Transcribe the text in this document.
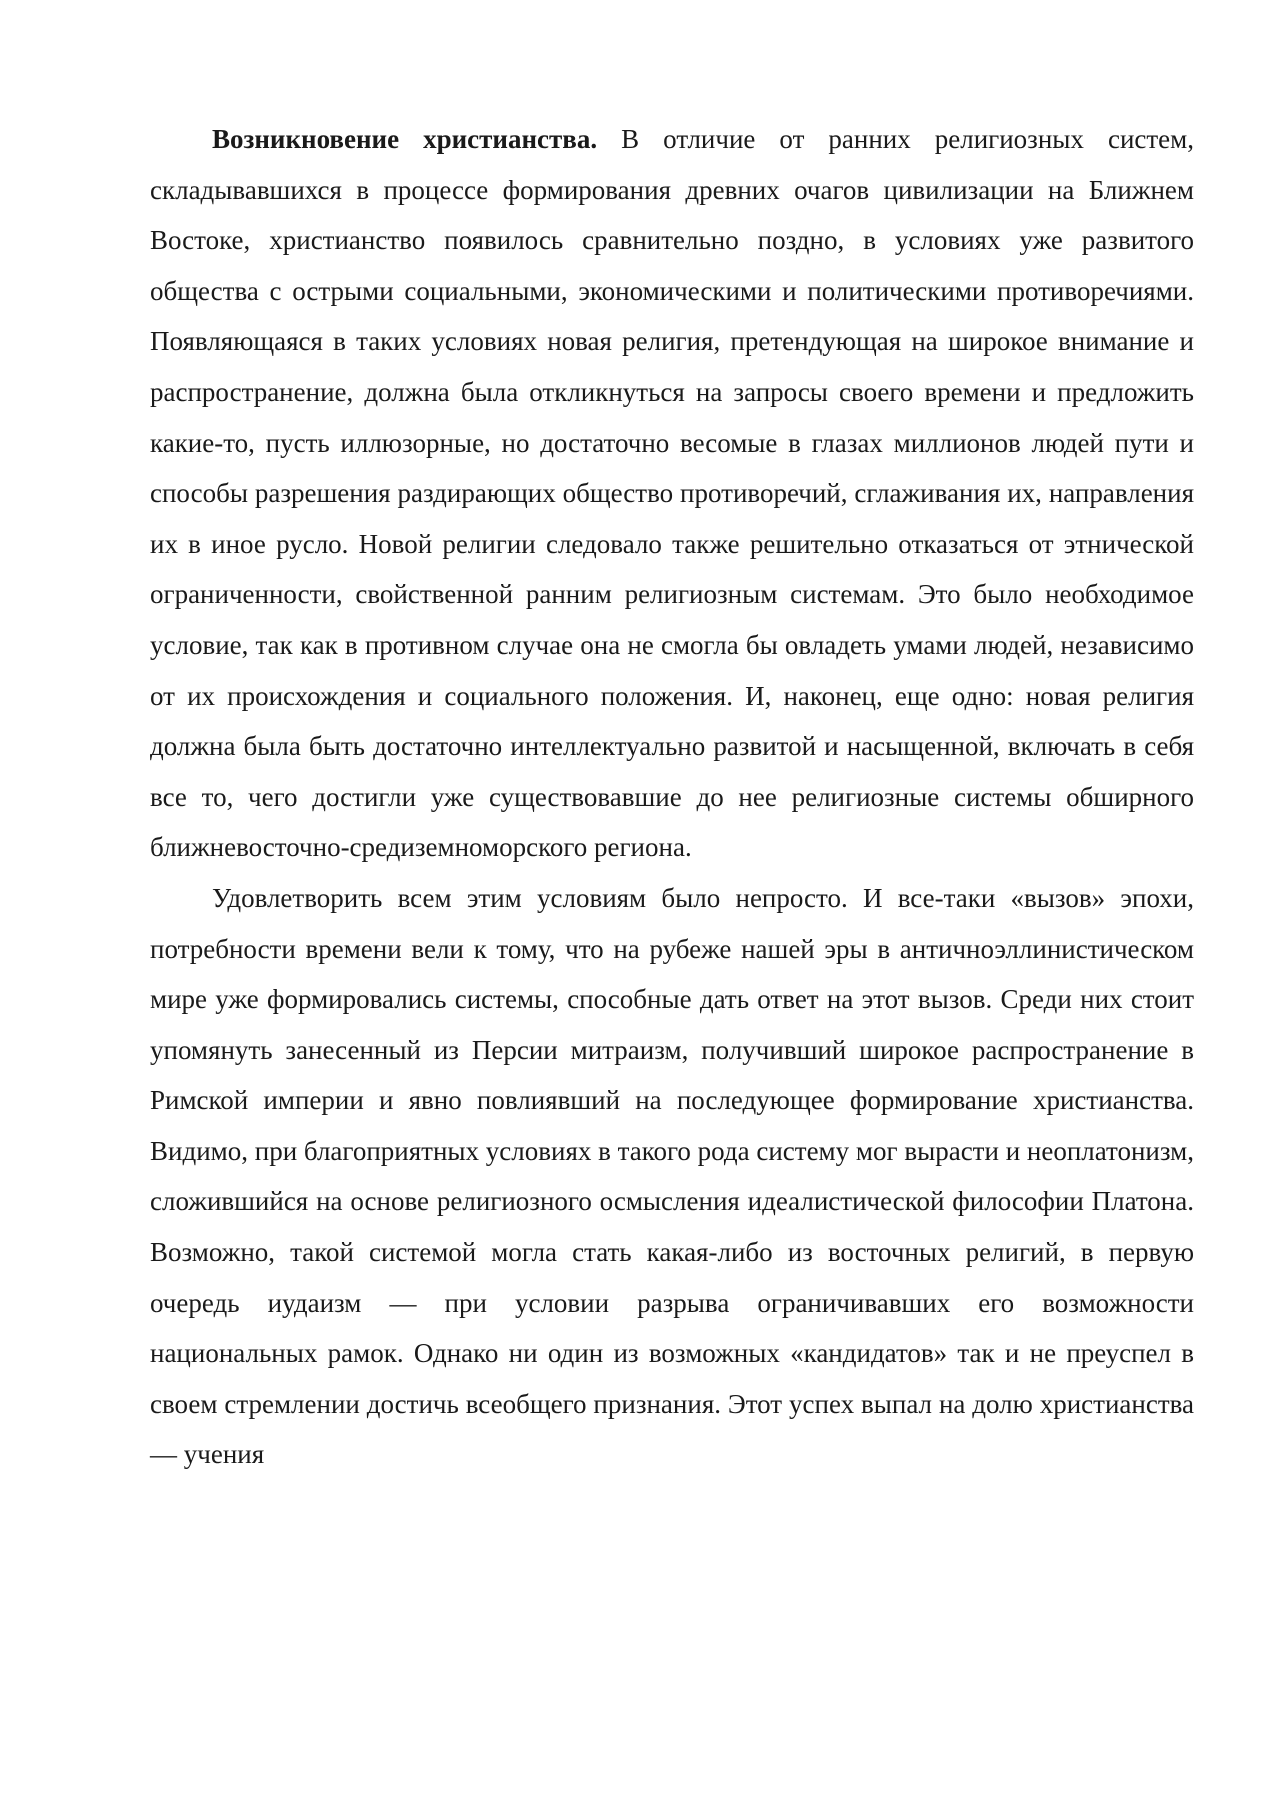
Возникновение христианства. В отличие от ранних религиозных систем, складывавшихся в процессе формирования древних очагов цивилизации на Ближнем Востоке, христианство появилось сравнительно поздно, в условиях уже развитого общества с острыми социальными, экономическими и политическими противоречиями. Появляющаяся в таких условиях новая религия, претендующая на широкое внимание и распространение, должна была откликнуться на запросы своего времени и предложить какие-то, пусть иллюзорные, но достаточно весомые в глазах миллионов людей пути и способы разрешения раздирающих общество противоречий, сглаживания их, направления их в иное русло. Новой религии следовало также решительно отказаться от этнической ограниченности, свойственной ранним религиозным системам. Это было необходимое условие, так как в противном случае она не смогла бы овладеть умами людей, независимо от их происхождения и социального положения. И, наконец, еще одно: новая религия должна была быть достаточно интеллектуально развитой и насыщенной, включать в себя все то, чего достигли уже существовавшие до нее религиозные системы обширного ближневосточно-средиземноморского региона.

Удовлетворить всем этим условиям было непросто. И все-таки «вызов» эпохи, потребности времени вели к тому, что на рубеже нашей эры в античноэллинистическом мире уже формировались системы, способные дать ответ на этот вызов. Среди них стоит упомянуть занесенный из Персии митраизм, получивший широкое распространение в Римской империи и явно повлиявший на последующее формирование христианства. Видимо, при благоприятных условиях в такого рода систему мог вырасти и неоплатонизм, сложившийся на основе религиозного осмысления идеалистической философии Платона. Возможно, такой системой могла стать какая-либо из восточных религий, в первую очередь иудаизм — при условии разрыва ограничивавших его возможности национальных рамок. Однако ни один из возможных «кандидатов» так и не преуспел в своем стремлении достичь всеобщего признания. Этот успех выпал на долю христианства — учения
